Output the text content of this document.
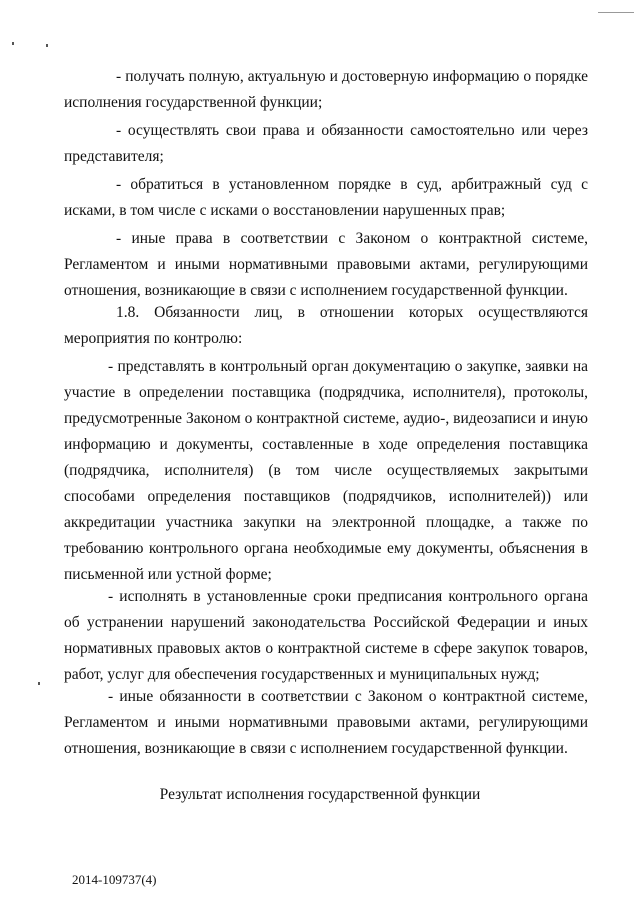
- получать полную, актуальную и достоверную информацию о порядке исполнения государственной функции;

- осуществлять свои права и обязанности самостоятельно или через представителя;

- обратиться в установленном порядке в суд, арбитражный суд с исками, в том числе с исками о восстановлении нарушенных прав;

- иные права в соответствии с Законом о контрактной системе, Регламентом и иными нормативными правовыми актами, регулирующими отношения, возникающие в связи с исполнением государственной функции.

1.8. Обязанности лиц, в отношении которых осуществляются мероприятия по контролю:

- представлять в контрольный орган документацию о закупке, заявки на участие в определении поставщика (подрядчика, исполнителя), протоколы, предусмотренные Законом о контрактной системе, аудио-, видеозаписи и иную информацию и документы, составленные в ходе определения поставщика (подрядчика, исполнителя) (в том числе осуществляемых закрытыми способами определения поставщиков (подрядчиков, исполнителей)) или аккредитации участника закупки на электронной площадке, а также по требованию контрольного органа необходимые ему документы, объяснения в письменной или устной форме;

- исполнять в установленные сроки предписания контрольного органа об устранении нарушений законодательства Российской Федерации и иных нормативных правовых актов о контрактной системе в сфере закупок товаров, работ, услуг для обеспечения государственных и муниципальных нужд;

- иные обязанности в соответствии с Законом о контрактной системе, Регламентом и иными нормативными правовыми актами, регулирующими отношения, возникающие в связи с исполнением государственной функции.

Результат исполнения государственной функции
2014-109737(4)
